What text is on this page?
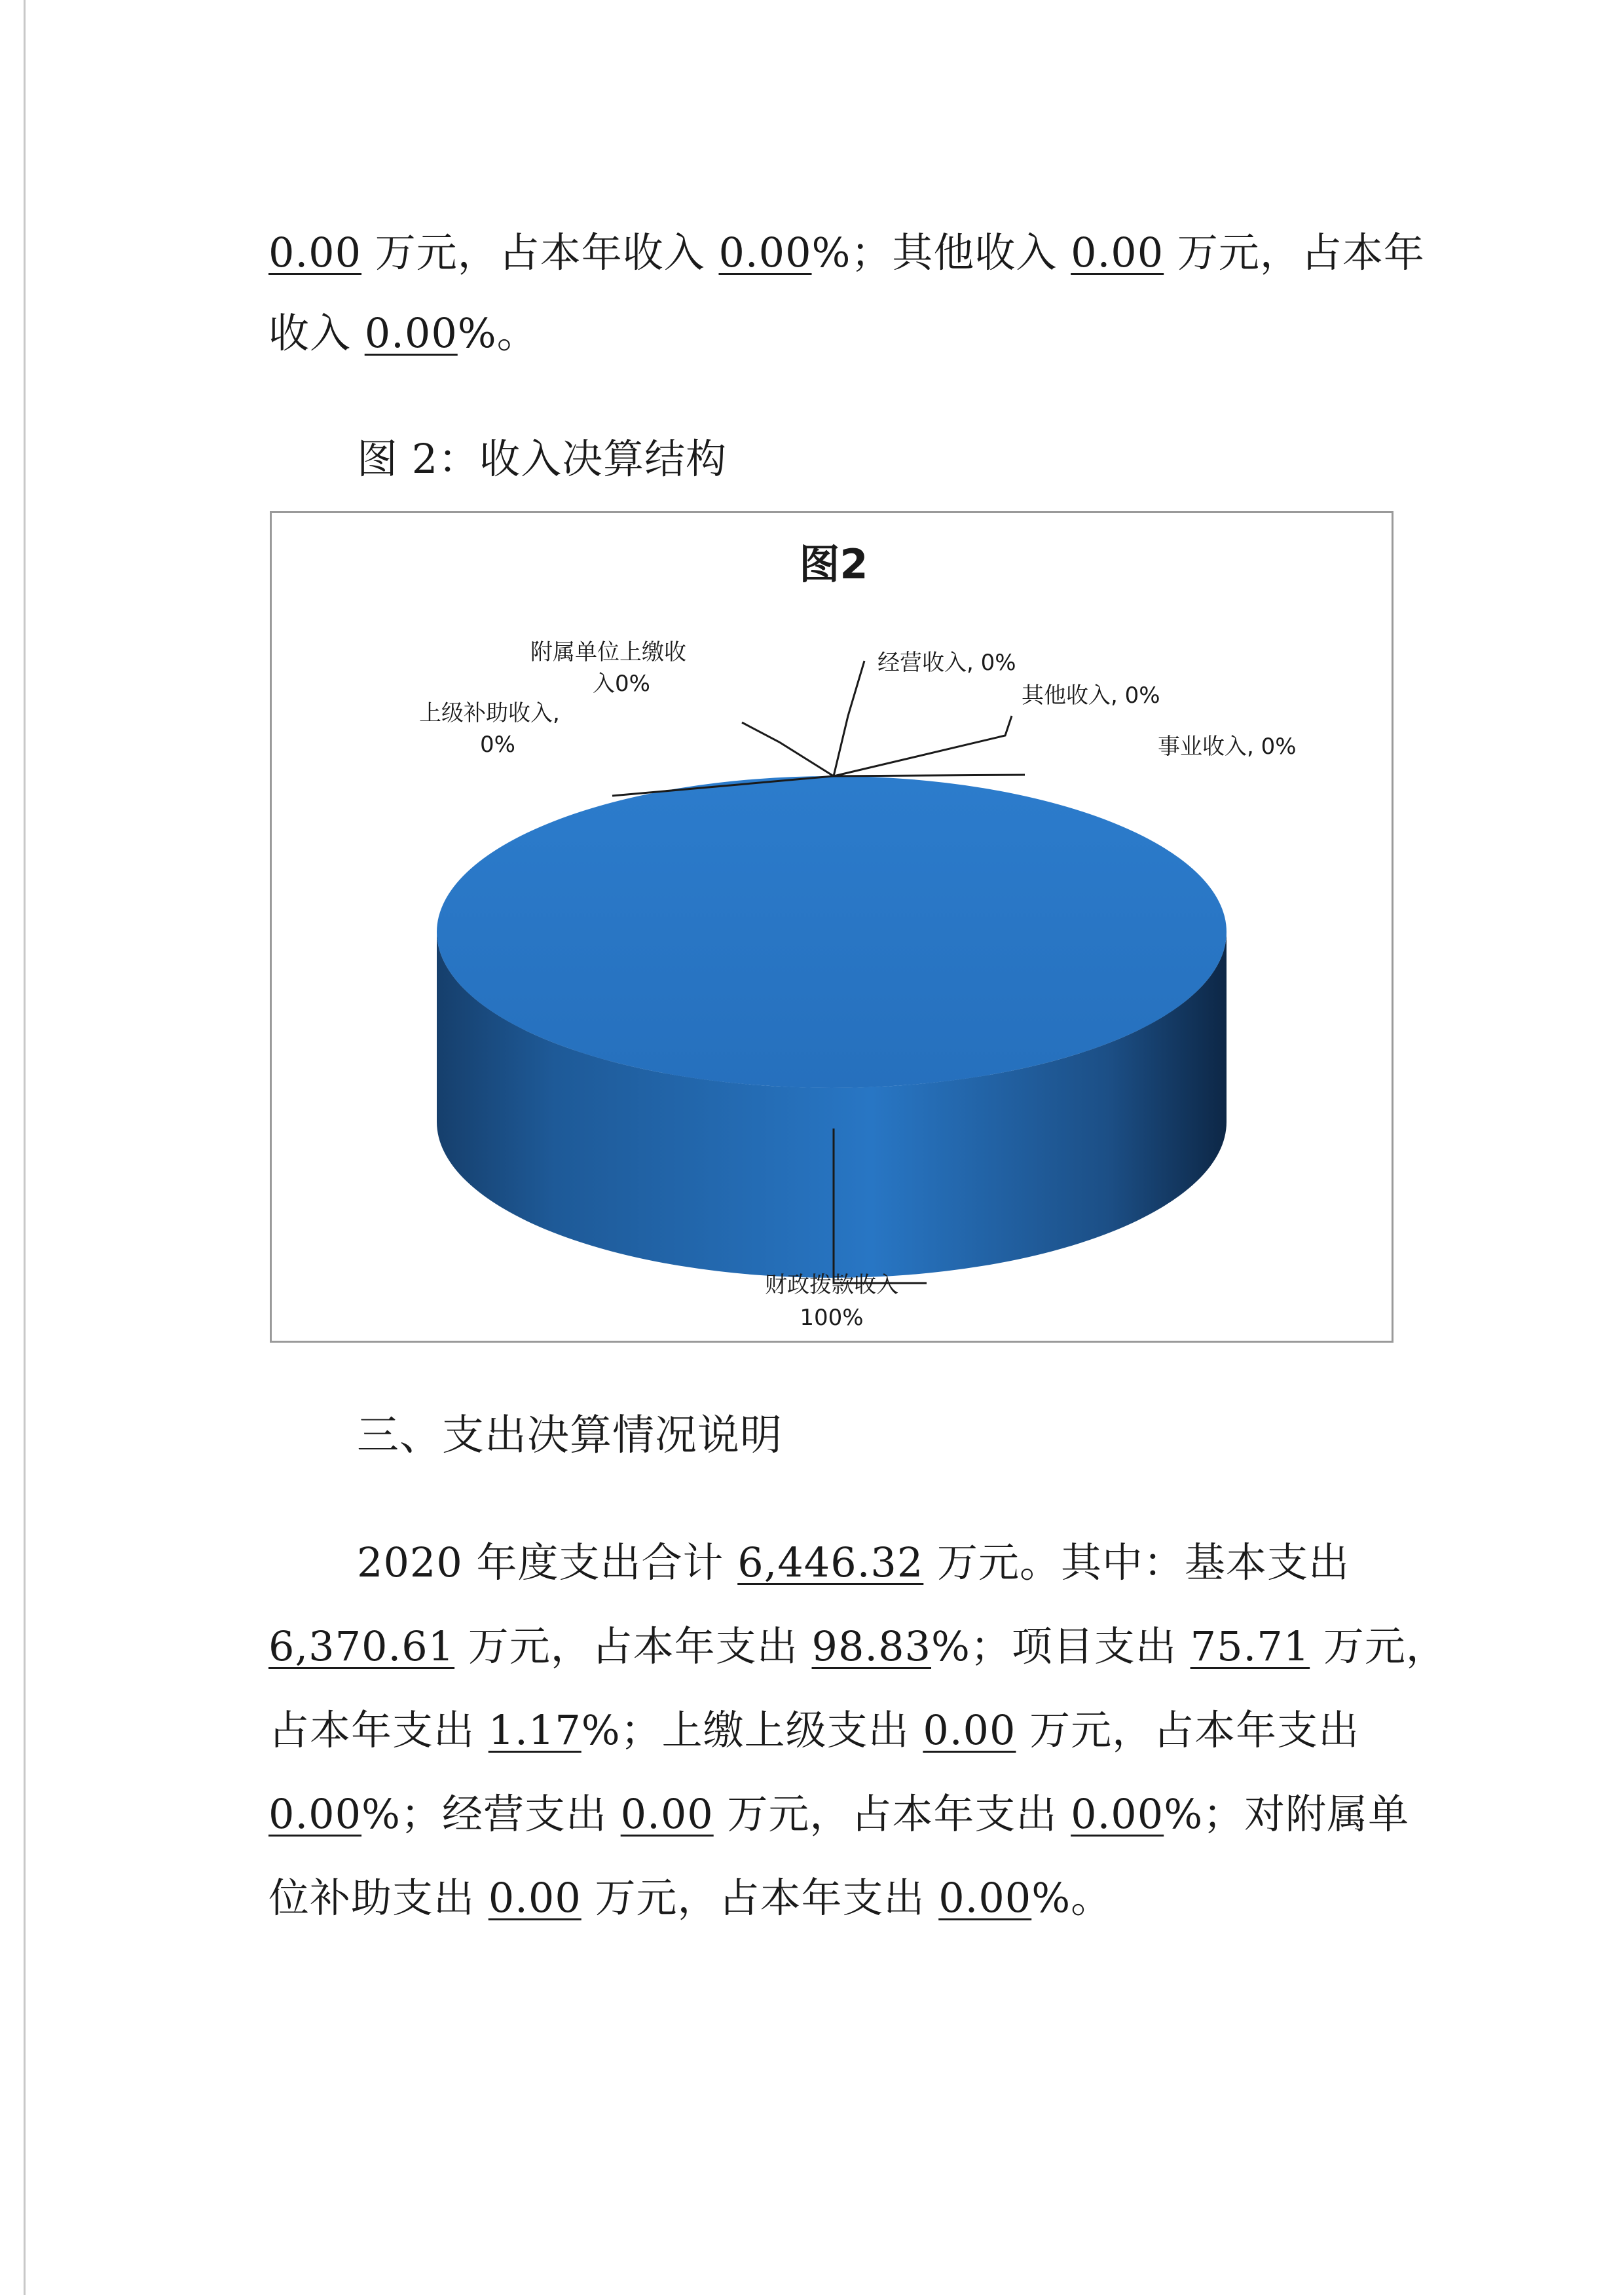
0.00 万元，占本年收入 0.00%；其他收入 0.00 万元，占本年
收入 0.00%。
图 2：收入决算结构
图2
附属单位上缴收
入0%
上级补助收入,
0%
经营收入, 0%
其他收入, 0%
事业收入, 0%
财政拨款收入
100%
三、支出决算情况说明
2020 年度支出合计 6,446.32 万元。其中：基本支出
6,370.61 万元，占本年支出 98.83%；项目支出 75.71 万元，
占本年支出 1.17%；上缴上级支出 0.00 万元，占本年支出
0.00%；经营支出 0.00 万元，占本年支出 0.00%；对附属单
位补助支出 0.00 万元，占本年支出 0.00%。
